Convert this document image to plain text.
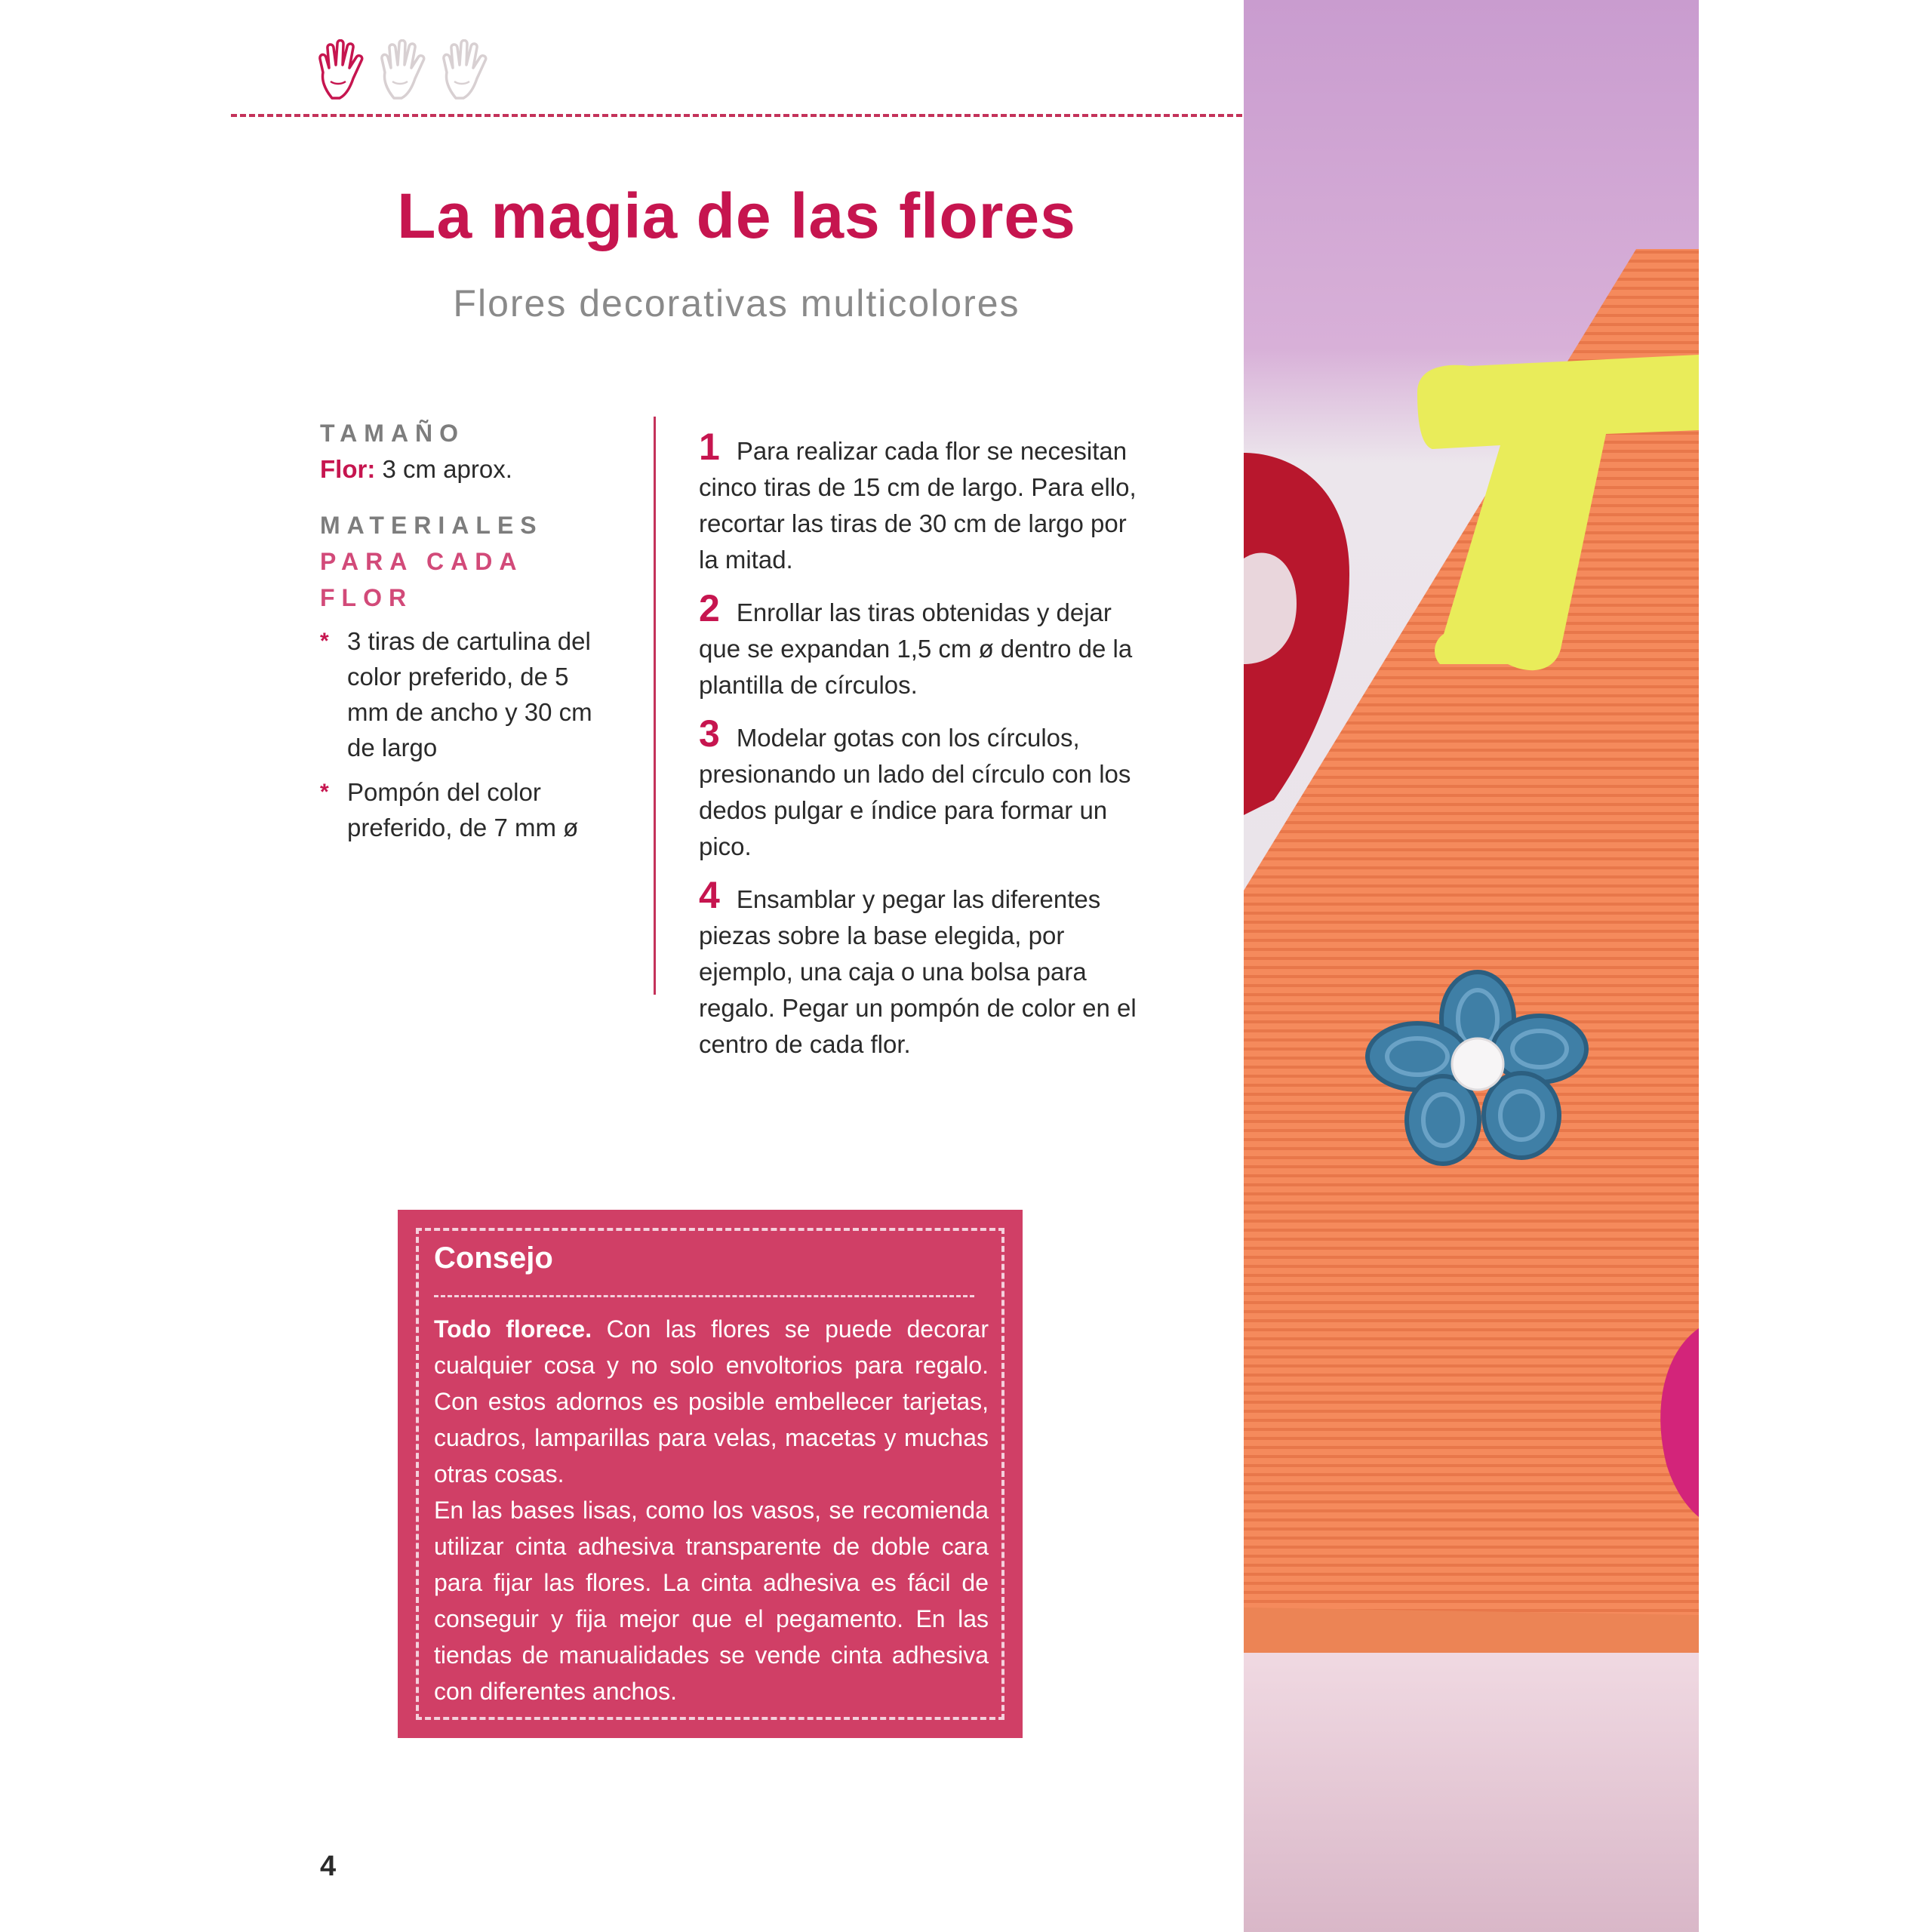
La magia de las flores
Flores decorativas multicolores
TAMAÑO
Flor: 3 cm aprox.
MATERIALES
PARA CADA FLOR
* 3 tiras de cartulina del color preferido, de 5 mm de ancho y 30 cm de largo
* Pompón del color preferido, de 7 mm ø
1 Para realizar cada flor se necesitan cinco tiras de 15 cm de largo. Para ello, recortar las tiras de 30 cm de largo por la mitad.
2 Enrollar las tiras obtenidas y dejar que se expandan 1,5 cm ø dentro de la plantilla de círculos.
3 Modelar gotas con los círculos, presionando un lado del círculo con los dedos pulgar e índice para formar un pico.
4 Ensamblar y pegar las diferentes piezas sobre la base elegida, por ejemplo, una caja o una bolsa para regalo. Pegar un pompón de color en el centro de cada flor.
Consejo

Todo florece. Con las flores se puede decorar cualquier cosa y no solo envoltorios para regalo. Con estos adornos es posible embellecer tarjetas, cuadros, lamparillas para velas, macetas y muchas otras cosas.

En las bases lisas, como los vasos, se recomienda utilizar cinta adhesiva transparente de doble cara para fijar las flores. La cinta adhesiva es fácil de conseguir y fija mejor que el pegamento. En las tiendas de manualidades se vende cinta adhesiva con diferentes anchos.

4
